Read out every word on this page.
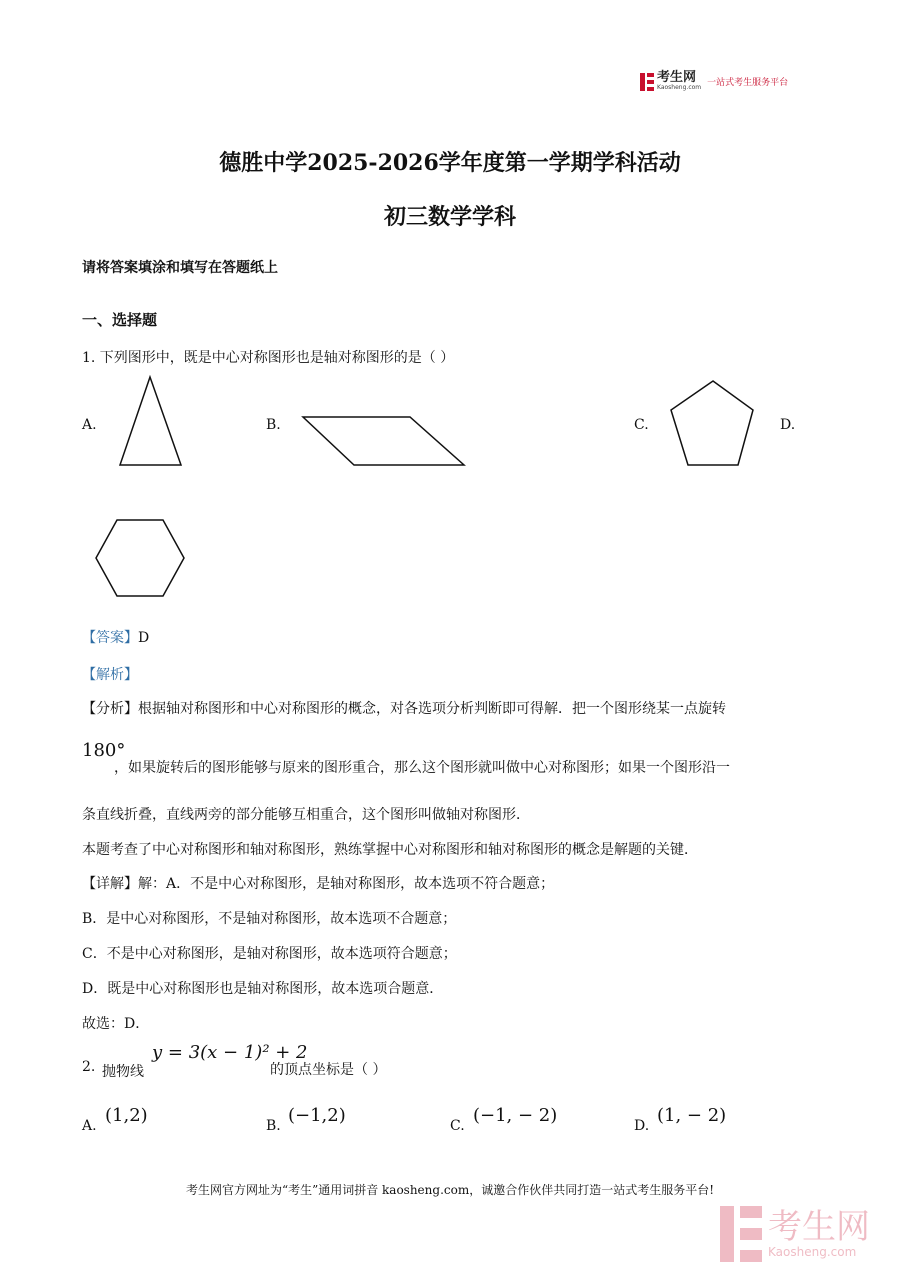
考生网
Kaosheng.com 一站式考生服务平台
德胜中学2025-2026学年度第一学期学科活动
初三数学学科
请将答案填涂和填写在答题纸上
一、选择题
1. 下列图形中，既是中心对称图形也是轴对称图形的是（ ）
A.	B.	C.	D.
【答案】D
【解析】
【分析】根据轴对称图形和中心对称图形的概念，对各选项分析判断即可得解．把一个图形绕某一点旋转
180°
，如果旋转后的图形能够与原来的图形重合，那么这个图形就叫做中心对称图形；如果一个图形沿一
条直线折叠，直线两旁的部分能够互相重合，这个图形叫做轴对称图形．
本题考查了中心对称图形和轴对称图形，熟练掌握中心对称图形和轴对称图形的概念是解题的关键．
【详解】解：A．不是中心对称图形，是轴对称图形，故本选项不符合题意；
B．是中心对称图形，不是轴对称图形，故本选项不合题意；
C．不是中心对称图形，是轴对称图形，故本选项符合题意；
D．既是中心对称图形也是轴对称图形，故本选项合题意．
故选：D．
2. 抛物线
y = 3(x − 1)² + 2
的顶点坐标是（ ）
A. (1,2)	B. (−1,2)	C. (−1, − 2)	D. (1, − 2)
考生网官方网址为“考生”通用词拼音 kaosheng.com，诚邀合作伙伴共同打造一站式考生服务平台!
考生网
Kaosheng.com
